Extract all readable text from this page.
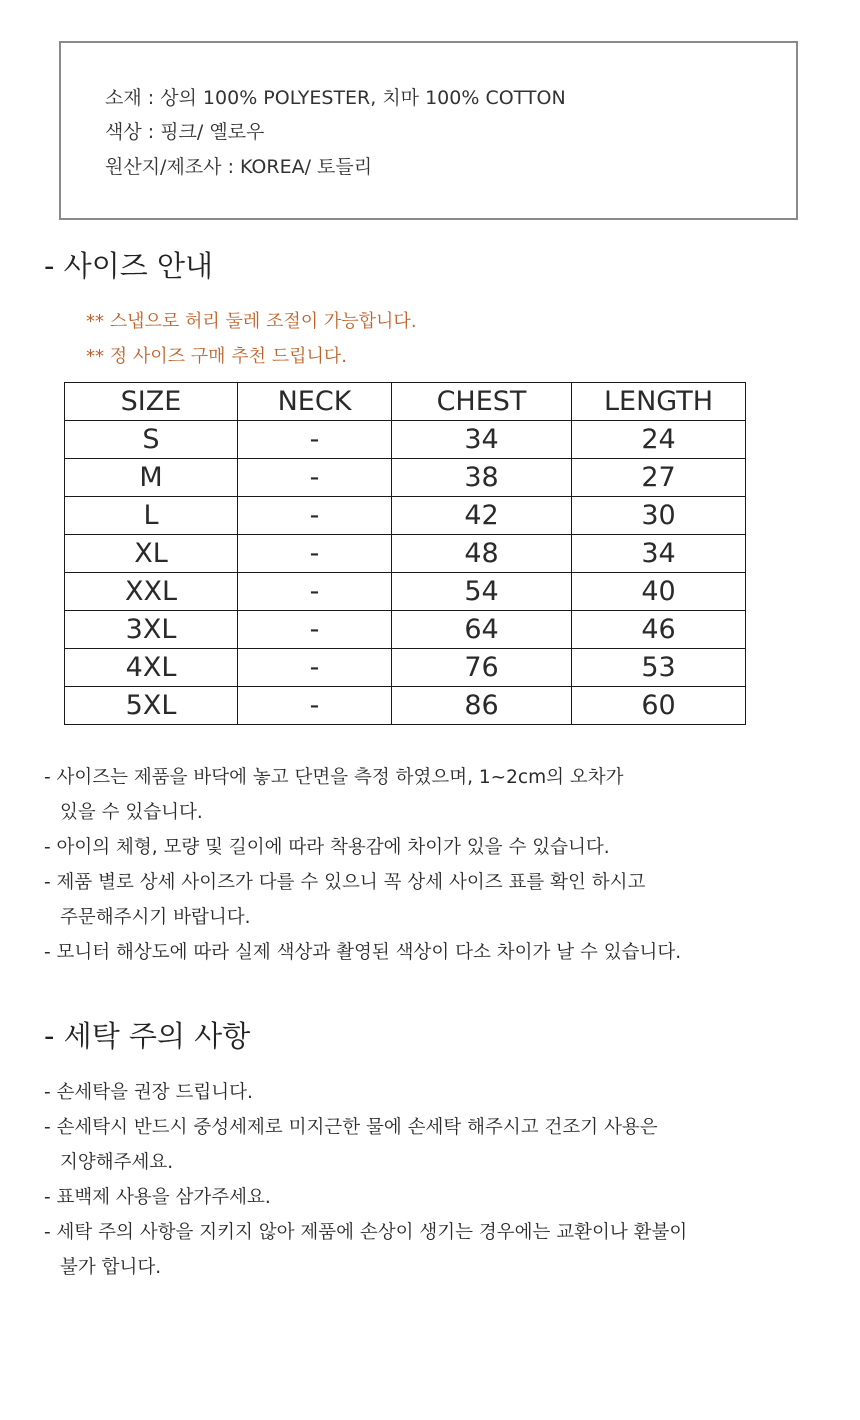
소재 : 상의 100% POLYESTER, 치마 100% COTTON
색상 : 핑크/ 옐로우
원산지/제조사 : KOREA/ 토들리
- 사이즈 안내
** 스냅으로 허리 둘레 조절이 가능합니다.
** 정 사이즈 구매 추천 드립니다.
SIZE	NECK	CHEST	LENGTH
S	-	34	24
M	-	38	27
L	-	42	30
XL	-	48	34
XXL	-	54	40
3XL	-	64	46
4XL	-	76	53
5XL	-	86	60
- 사이즈는 제품을 바닥에 놓고 단면을 측정 하였으며, 1~2cm의 오차가
있을 수 있습니다.
- 아이의 체형, 모량 및 길이에 따라 착용감에 차이가 있을 수 있습니다.
- 제품 별로 상세 사이즈가 다를 수 있으니 꼭 상세 사이즈 표를 확인 하시고
주문해주시기 바랍니다.
- 모니터 해상도에 따라 실제 색상과 촬영된 색상이 다소 차이가 날 수 있습니다.
- 세탁 주의 사항
- 손세탁을 권장 드립니다.
- 손세탁시 반드시 중성세제로 미지근한 물에 손세탁 해주시고 건조기 사용은
지양해주세요.
- 표백제 사용을 삼가주세요.
- 세탁 주의 사항을 지키지 않아 제품에 손상이 생기는 경우에는 교환이나 환불이
불가 합니다.
